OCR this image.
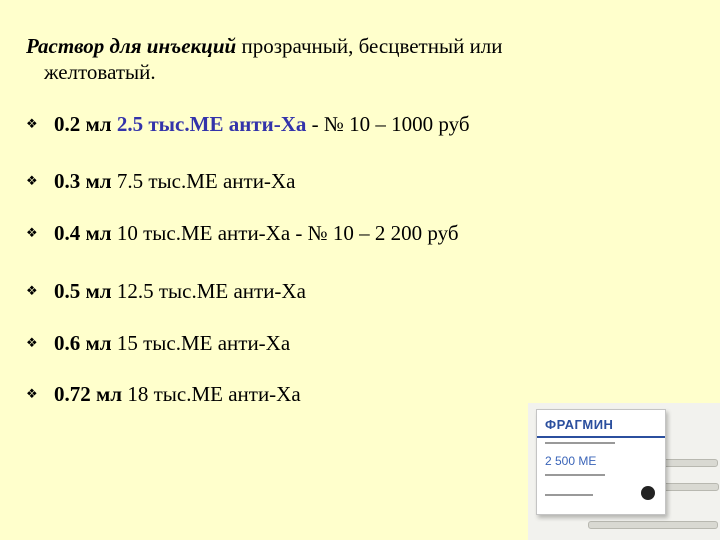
Раствор для инъекций прозрачный, бесцветный или
желтоватый.
❖ 0.2 мл 2.5 тыс.МЕ анти-Ха - № 10 – 1000 руб
❖ 0.3 мл 7.5 тыс.МЕ анти-Ха
❖ 0.4 мл 10 тыс.МЕ анти-Ха - № 10 – 2 200 руб
❖ 0.5 мл 12.5 тыс.МЕ анти-Ха
❖ 0.6 мл 15 тыс.МЕ анти-Ха
❖ 0.72 мл 18 тыс.МЕ анти-Ха
ФРАГМИН
2 500 МЕ
